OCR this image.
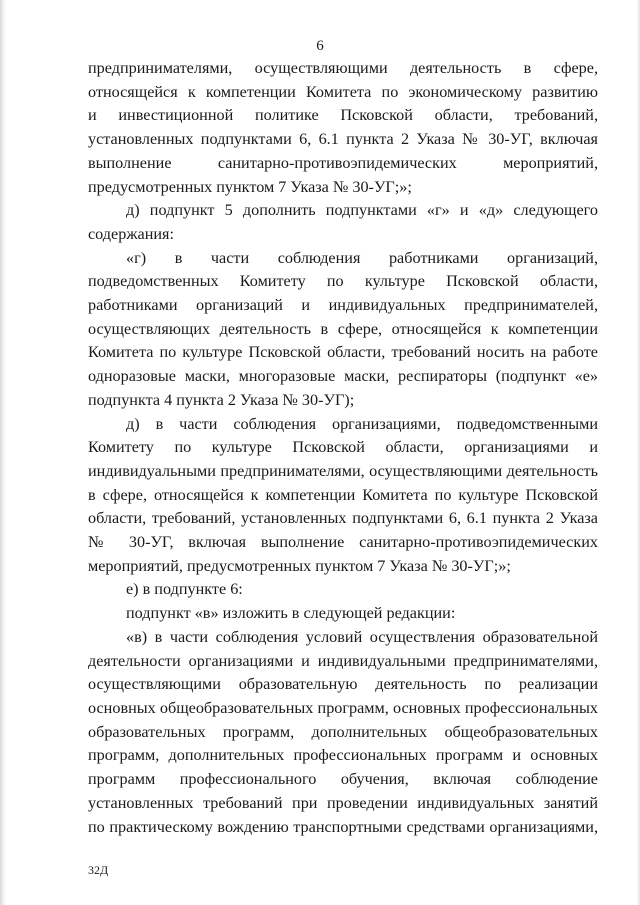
6
предпринимателями, осуществляющими деятельность в сфере,
относящейся к компетенции Комитета по экономическому развитию
и инвестиционной политике Псковской области, требований,
установленных подпунктами 6, 6.1 пункта 2 Указа № 30-УГ, включая
выполнение санитарно-противоэпидемических мероприятий,
предусмотренных пунктом 7 Указа № 30-УГ;»;
д) подпункт 5 дополнить подпунктами «г» и «д» следующего
содержания:
«г) в части соблюдения работниками организаций,
подведомственных Комитету по культуре Псковской области,
работниками организаций и индивидуальных предпринимателей,
осуществляющих деятельность в сфере, относящейся к компетенции
Комитета по культуре Псковской области, требований носить на работе
одноразовые маски, многоразовые маски, респираторы (подпункт «е»
подпункта 4 пункта 2 Указа № 30-УГ);
д) в части соблюдения организациями, подведомственными
Комитету по культуре Псковской области, организациями и
индивидуальными предпринимателями, осуществляющими деятельность
в сфере, относящейся к компетенции Комитета по культуре Псковской
области, требований, установленных подпунктами 6, 6.1 пункта 2 Указа
№ 30-УГ, включая выполнение санитарно-противоэпидемических
мероприятий, предусмотренных пунктом 7 Указа № 30-УГ;»;
е) в подпункте 6:
подпункт «в» изложить в следующей редакции:
«в) в части соблюдения условий осуществления образовательной
деятельности организациями и индивидуальными предпринимателями,
осуществляющими образовательную деятельность по реализации
основных общеобразовательных программ, основных профессиональных
образовательных программ, дополнительных общеобразовательных
программ, дополнительных профессиональных программ и основных
программ профессионального обучения, включая соблюдение
установленных требований при проведении индивидуальных занятий
по практическому вождению транспортными средствами организациями,
32Д
